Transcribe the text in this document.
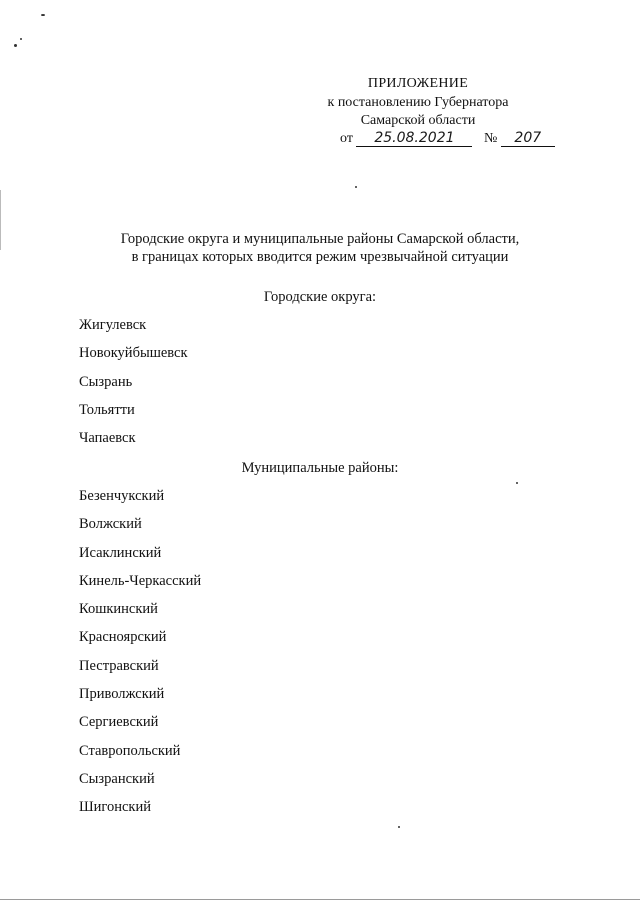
ПРИЛОЖЕНИЕ
к постановлению Губернатора
Самарской области
от 25.08.2021 № 207
Городские округа и муниципальные районы Самарской области,
в границах которых вводится режим чрезвычайной ситуации
Городские округа:
Жигулевск
Новокуйбышевск
Сызрань
Тольятти
Чапаевск
Муниципальные районы:
Безенчукский
Волжский
Исаклинский
Кинель-Черкасский
Кошкинский
Красноярский
Пестравский
Приволжский
Сергиевский
Ставропольский
Сызранский
Шигонский
